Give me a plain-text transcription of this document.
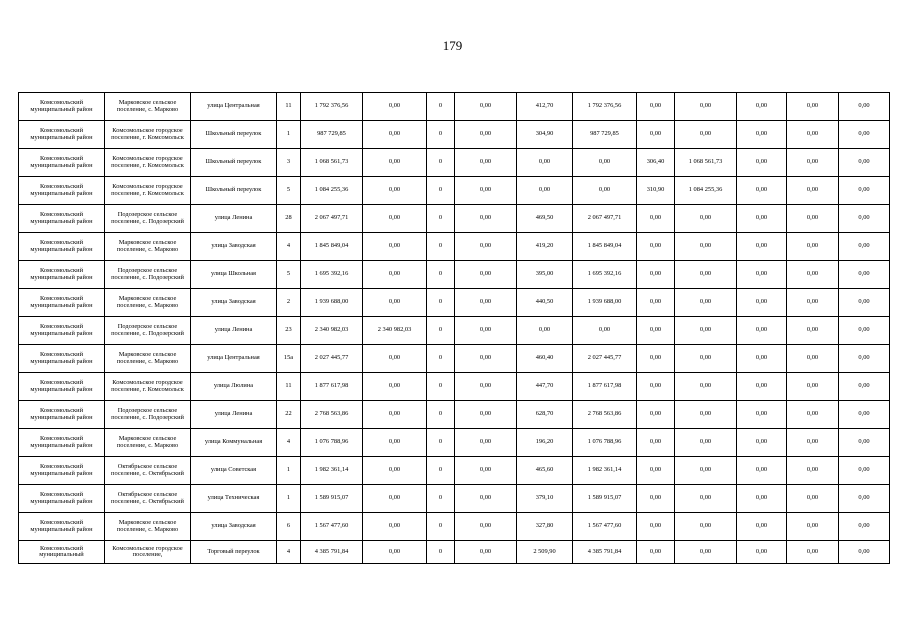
179
Комсомольский муниципальный район	Марковское сельское поселение, с. Марково	улица Центральная	11	1 792 376,56	0,00	0	0,00	412,70	1 792 376,56	0,00	0,00	0,00	0,00	0,00
Комсомольский муниципальный район	Комсомольское городское поселение, г. Комсомольск	Школьный переулок	1	987 729,85	0,00	0	0,00	304,90	987 729,85	0,00	0,00	0,00	0,00	0,00
Комсомольский муниципальный район	Комсомольское городское поселение, г. Комсомольск	Школьный переулок	3	1 068 561,73	0,00	0	0,00	0,00	0,00	306,40	1 068 561,73	0,00	0,00	0,00
Комсомольский муниципальный район	Комсомольское городское поселение, г. Комсомольск	Школьный переулок	5	1 084 255,36	0,00	0	0,00	0,00	0,00	310,90	1 084 255,36	0,00	0,00	0,00
Комсомольский муниципальный район	Подозерское сельское поселение, с. Подозерский	улица Ленина	28	2 067 497,71	0,00	0	0,00	469,50	2 067 497,71	0,00	0,00	0,00	0,00	0,00
Комсомольский муниципальный район	Марковское сельское поселение, с. Марково	улица Заводская	4	1 845 849,04	0,00	0	0,00	419,20	1 845 849,04	0,00	0,00	0,00	0,00	0,00
Комсомольский муниципальный район	Подозерское сельское поселение, с. Подозерский	улица Школьная	5	1 695 392,16	0,00	0	0,00	395,00	1 695 392,16	0,00	0,00	0,00	0,00	0,00
Комсомольский муниципальный район	Марковское сельское поселение, с. Марково	улица Заводская	2	1 939 688,00	0,00	0	0,00	440,50	1 939 688,00	0,00	0,00	0,00	0,00	0,00
Комсомольский муниципальный район	Подозерское сельское поселение, с. Подозерский	улица Ленина	23	2 340 982,03	2 340 982,03	0	0,00	0,00	0,00	0,00	0,00	0,00	0,00	0,00
Комсомольский муниципальный район	Марковское сельское поселение, с. Марково	улица Центральная	15а	2 027 445,77	0,00	0	0,00	460,40	2 027 445,77	0,00	0,00	0,00	0,00	0,00
Комсомольский муниципальный район	Комсомольское городское поселение, г. Комсомольск	улица Люлина	11	1 877 617,98	0,00	0	0,00	447,70	1 877 617,98	0,00	0,00	0,00	0,00	0,00
Комсомольский муниципальный район	Подозерское сельское поселение, с. Подозерский	улица Ленина	22	2 768 563,86	0,00	0	0,00	628,70	2 768 563,86	0,00	0,00	0,00	0,00	0,00
Комсомольский муниципальный район	Марковское сельское поселение, с. Марково	улица Коммунальная	4	1 076 788,96	0,00	0	0,00	196,20	1 076 788,96	0,00	0,00	0,00	0,00	0,00
Комсомольский муниципальный район	Октябрьское сельское поселение, с. Октябрьский	улица Советская	1	1 982 361,14	0,00	0	0,00	465,60	1 982 361,14	0,00	0,00	0,00	0,00	0,00
Комсомольский муниципальный район	Октябрьское сельское поселение, с. Октябрьский	улица Техническая	1	1 589 915,07	0,00	0	0,00	379,10	1 589 915,07	0,00	0,00	0,00	0,00	0,00
Комсомольский муниципальный район	Марковское сельское поселение, с. Марково	улица Заводская	6	1 567 477,60	0,00	0	0,00	327,80	1 567 477,60	0,00	0,00	0,00	0,00	0,00
Комсомольский муниципальный	Комсомольское городское поселение,	Торговый переулок	4	4 385 791,84	0,00	0	0,00	2 509,90	4 385 791,84	0,00	0,00	0,00	0,00	0,00
